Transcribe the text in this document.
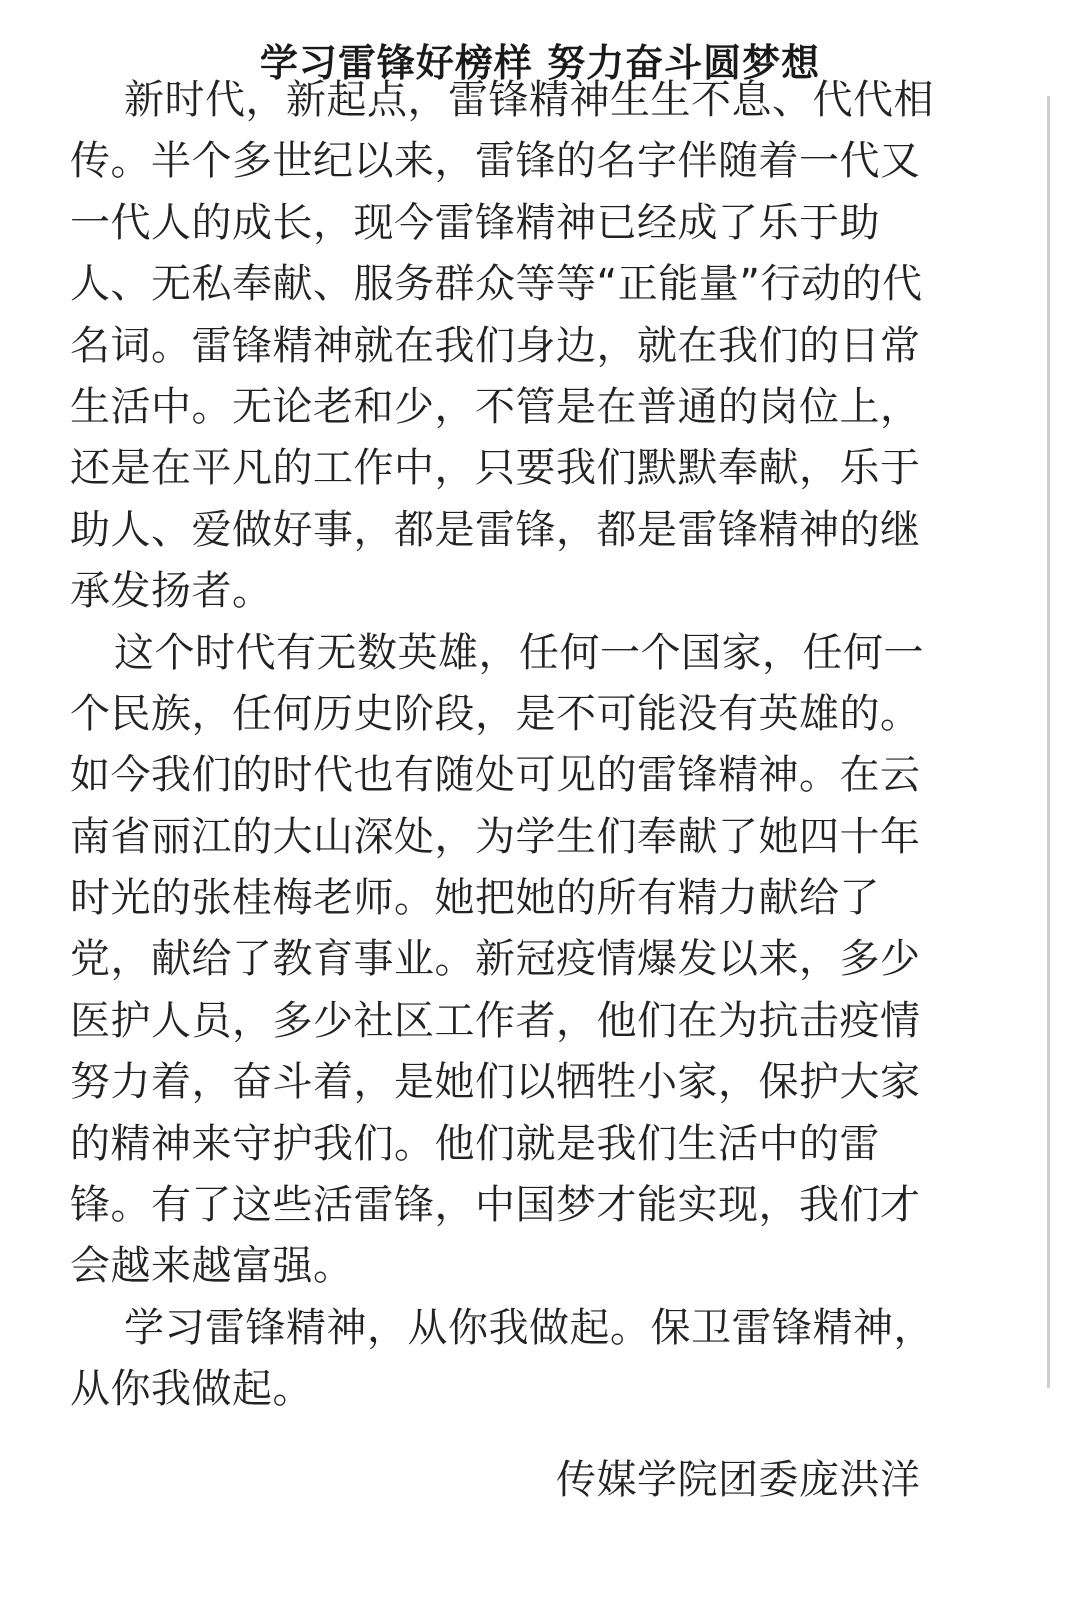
学习雷锋好榜样 努力奋斗圆梦想

新时代，新起点，雷锋精神生生不息、代代相
传。半个多世纪以来，雷锋的名字伴随着一代又
一代人的成长，现今雷锋精神已经成了乐于助
人、无私奉献、服务群众等等“正能量”行动的代
名词。雷锋精神就在我们身边，就在我们的日常
生活中。无论老和少，不管是在普通的岗位上，
还是在平凡的工作中，只要我们默默奉献，乐于
助人、爱做好事，都是雷锋，都是雷锋精神的继
承发扬者。

这个时代有无数英雄，任何一个国家，任何一
个民族，任何历史阶段，是不可能没有英雄的。
如今我们的时代也有随处可见的雷锋精神。在云
南省丽江的大山深处，为学生们奉献了她四十年
时光的张桂梅老师。她把她的所有精力献给了
党，献给了教育事业。新冠疫情爆发以来，多少
医护人员，多少社区工作者，他们在为抗击疫情
努力着，奋斗着，是她们以牺牲小家，保护大家
的精神来守护我们。他们就是我们生活中的雷
锋。有了这些活雷锋，中国梦才能实现，我们才
会越来越富强。

学习雷锋精神，从你我做起。保卫雷锋精神，
从你我做起。

传媒学院团委庞洪洋
